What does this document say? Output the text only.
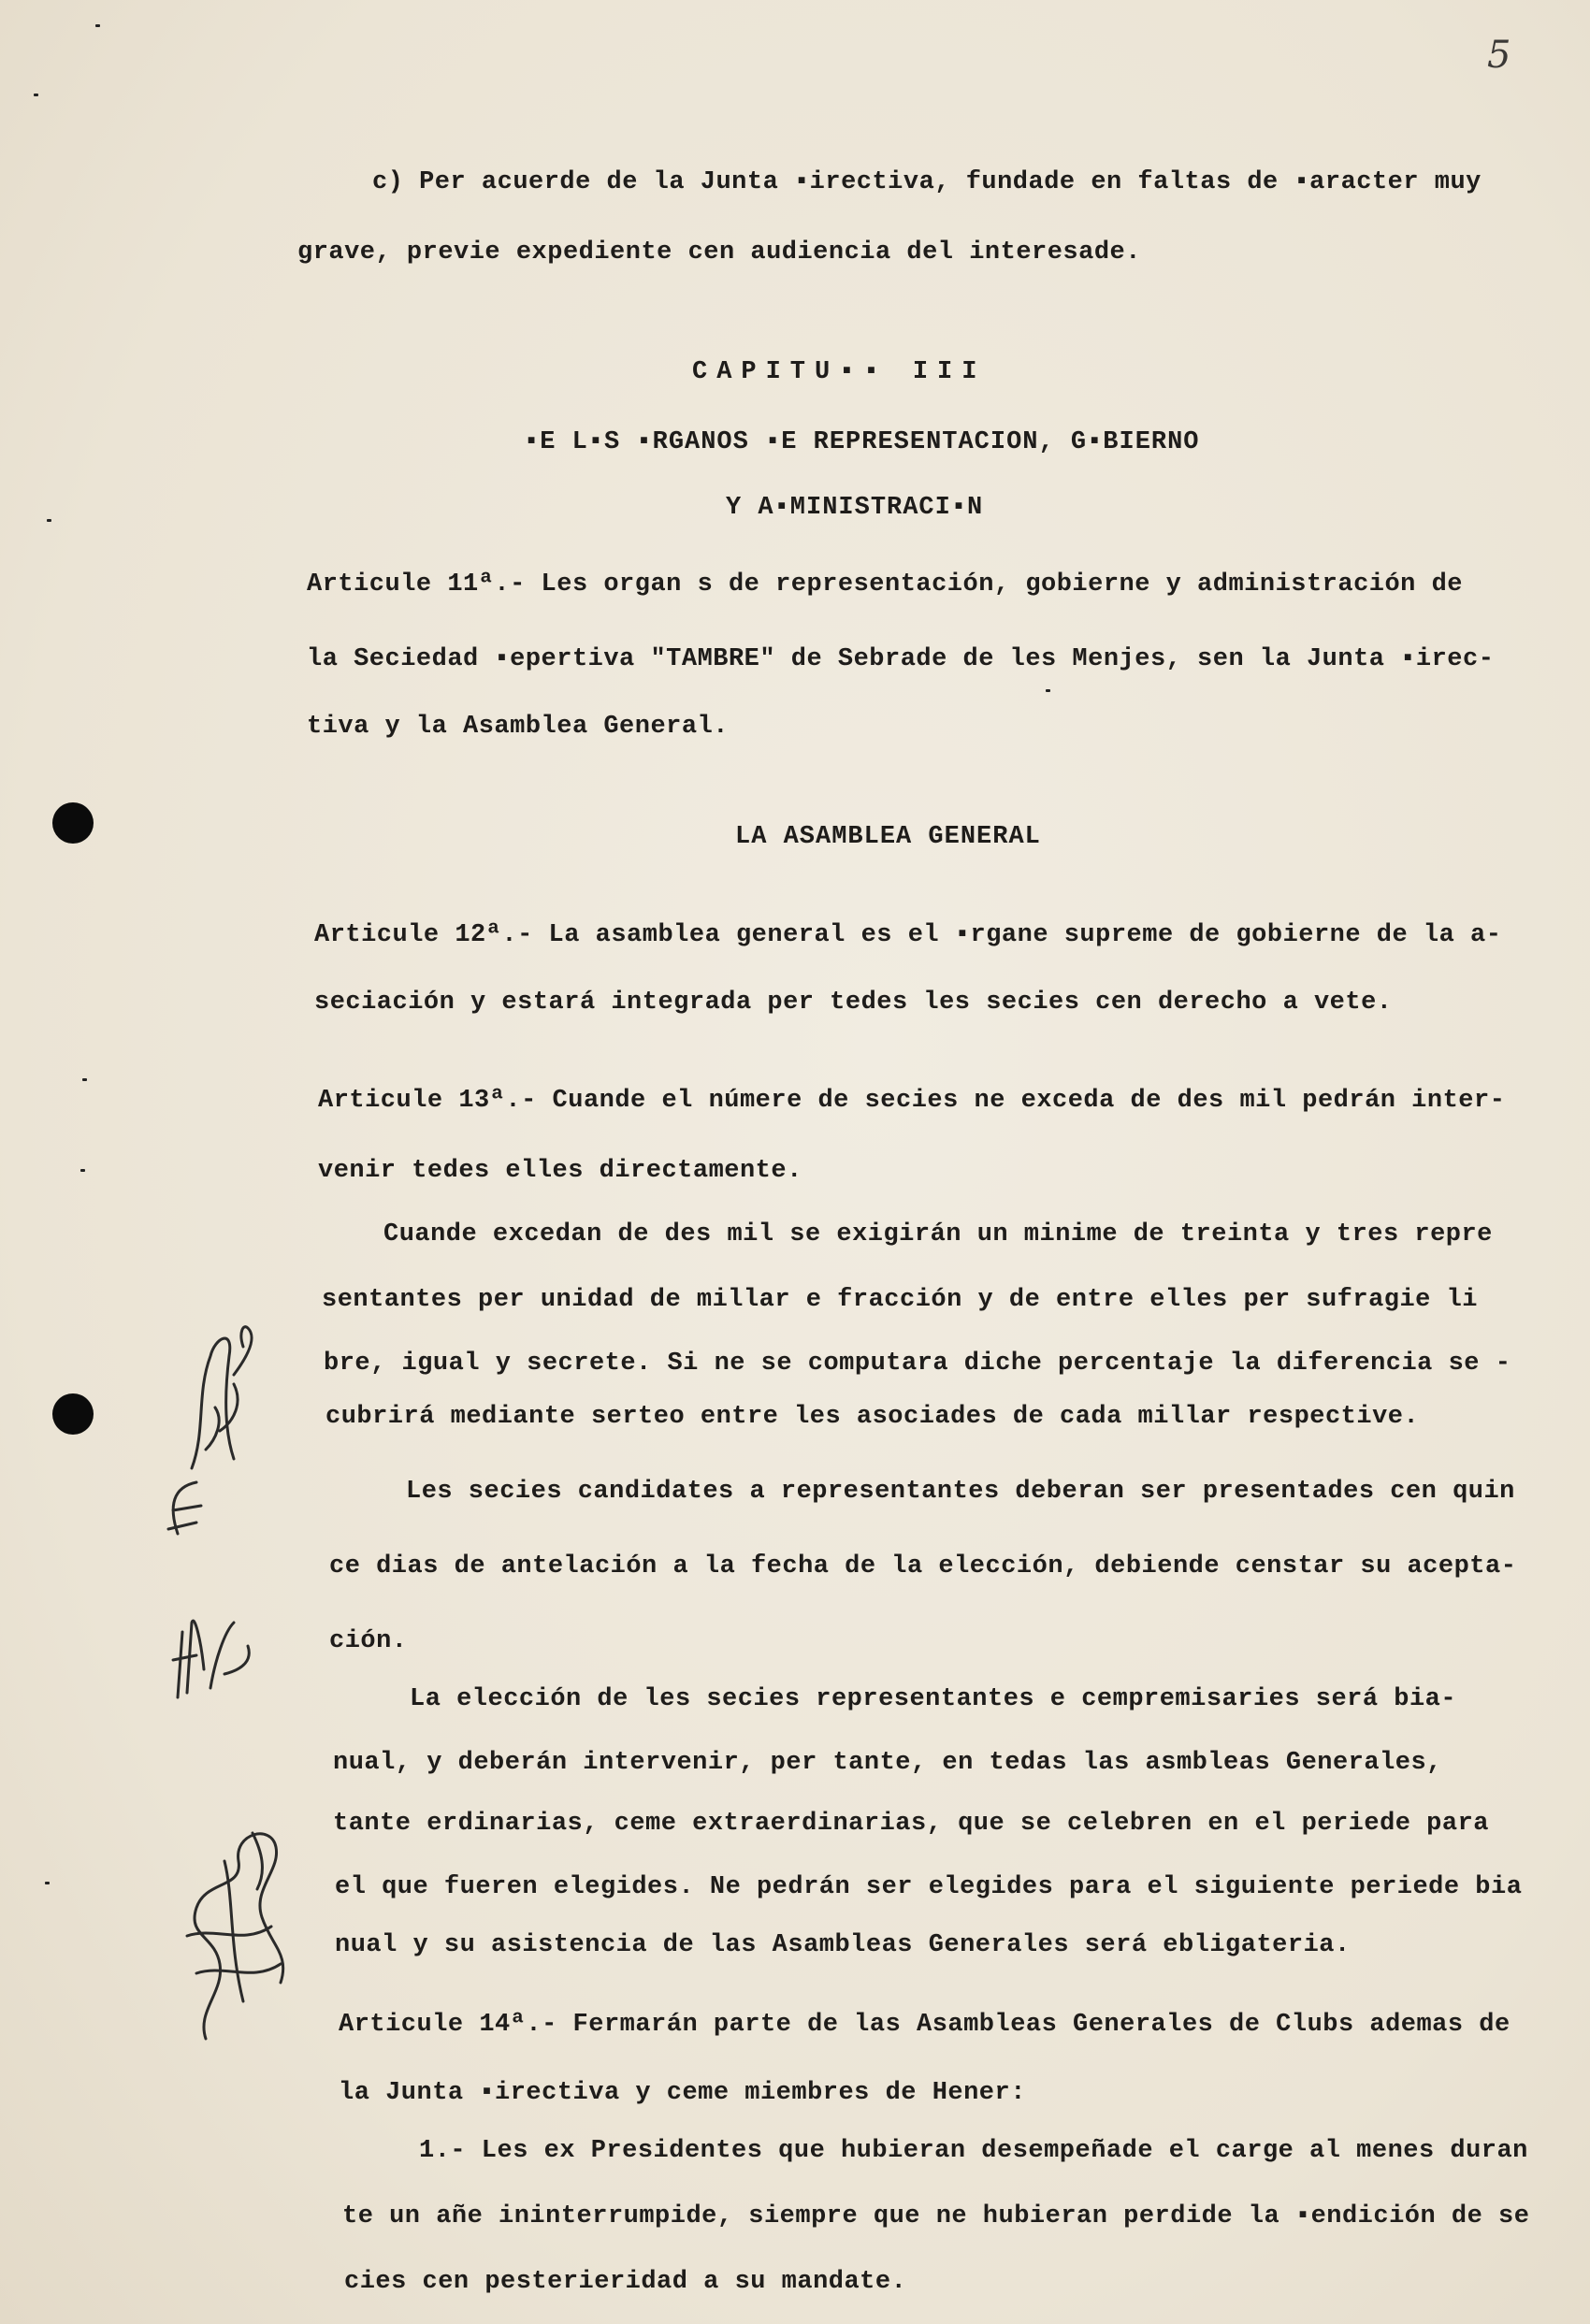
5
c) Per acuerde de la Junta ▪irectiva, fundade en faltas de ▪aracter muy
grave, previe expediente cen audiencia del interesade.
CAPITU▪▪ III
▪E L▪S ▪RGANOS ▪E REPRESENTACION, G▪BIERNO
Y A▪MINISTRACI▪N
Articule 11ª.- Les organ s de representación, gobierne y administración de
la Seciedad ▪epertiva "TAMBRE" de Sebrade de les Menjes, sen la Junta ▪irec-
tiva y la Asamblea General.
LA ASAMBLEA GENERAL
Articule 12ª.- La asamblea general es el ▪rgane supreme de gobierne de la a-
seciación y estará integrada per tedes les secies cen derecho a vete.
Articule 13ª.- Cuande el númere de secies ne exceda de des mil pedrán inter-
venir tedes elles directamente.
Cuande excedan de des mil se exigirán un minime de treinta y tres repre
sentantes per unidad de millar e fracción y de entre elles per sufragie li
bre, igual y secrete. Si ne se computara diche percentaje la diferencia se -
cubrirá mediante serteo entre les asociades de cada millar respective.
Les secies candidates a representantes deberan ser presentades cen quin
ce dias de antelación a la fecha de la elección, debiende censtar su acepta-
ción.
La elección de les secies representantes e cempremisaries será bia-
nual, y deberán intervenir, per tante, en tedas las asmbleas Generales,
tante erdinarias, ceme extraerdinarias, que se celebren en el periede para
el que fueren elegides. Ne pedrán ser elegides para el siguiente periede bia
nual y su asistencia de las Asambleas Generales será ebligateria.
Articule 14ª.- Fermarán parte de las Asambleas Generales de Clubs ademas de
la Junta ▪irectiva y ceme miembres de Hener:
1.- Les ex Presidentes que hubieran desempeñade el carge al menes duran
te un añe ininterrumpide, siempre que ne hubieran perdide la ▪endición de se
cies cen pesterieridad a su mandate.
